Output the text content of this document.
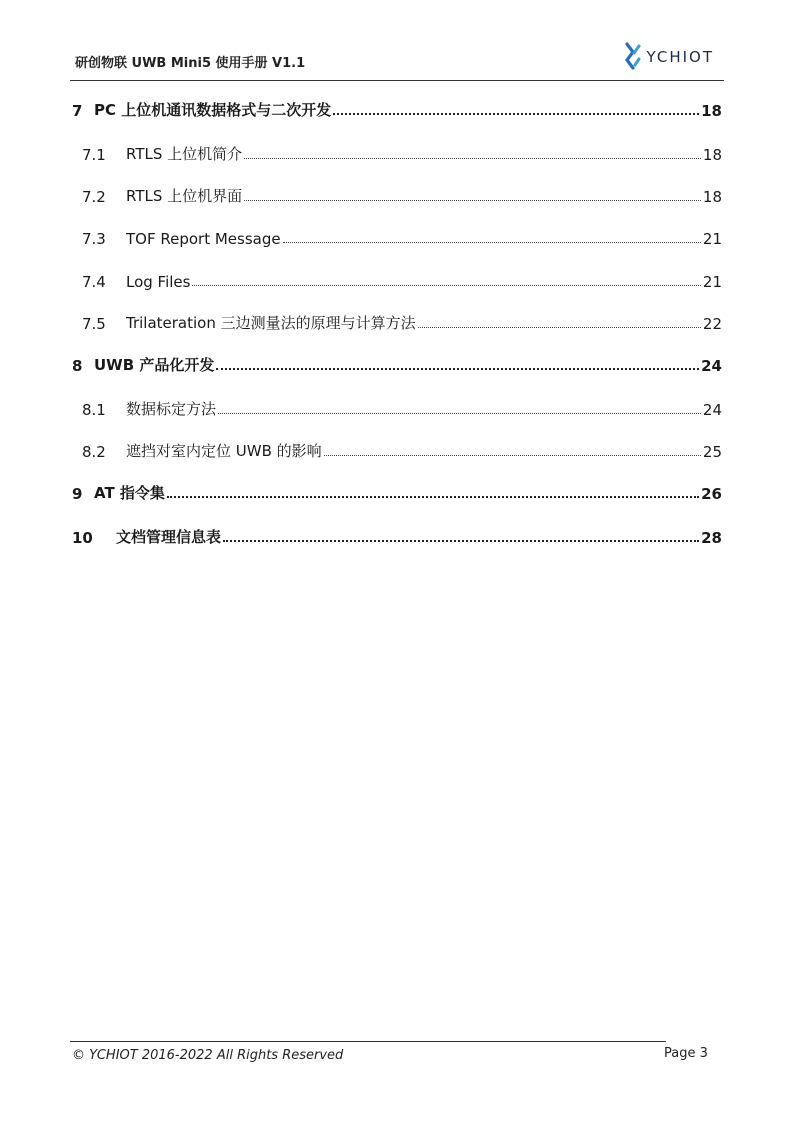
研创物联 UWB Mini5 使用手册 V1.1	YCHIOT
7 PC 上位机通讯数据格式与二次开发	18
7.1	RTLS 上位机简介	18
7.2	RTLS 上位机界面	18
7.3	TOF Report Message	21
7.4	Log Files	21
7.5	Trilateration 三边测量法的原理与计算方法	22
8 UWB 产品化开发	24
8.1	数据标定方法	24
8.2	遮挡对室内定位 UWB 的影响	25
9 AT 指令集	26
10	文档管理信息表	28
© YCHIOT 2016-2022 All Rights Reserved	Page 3
